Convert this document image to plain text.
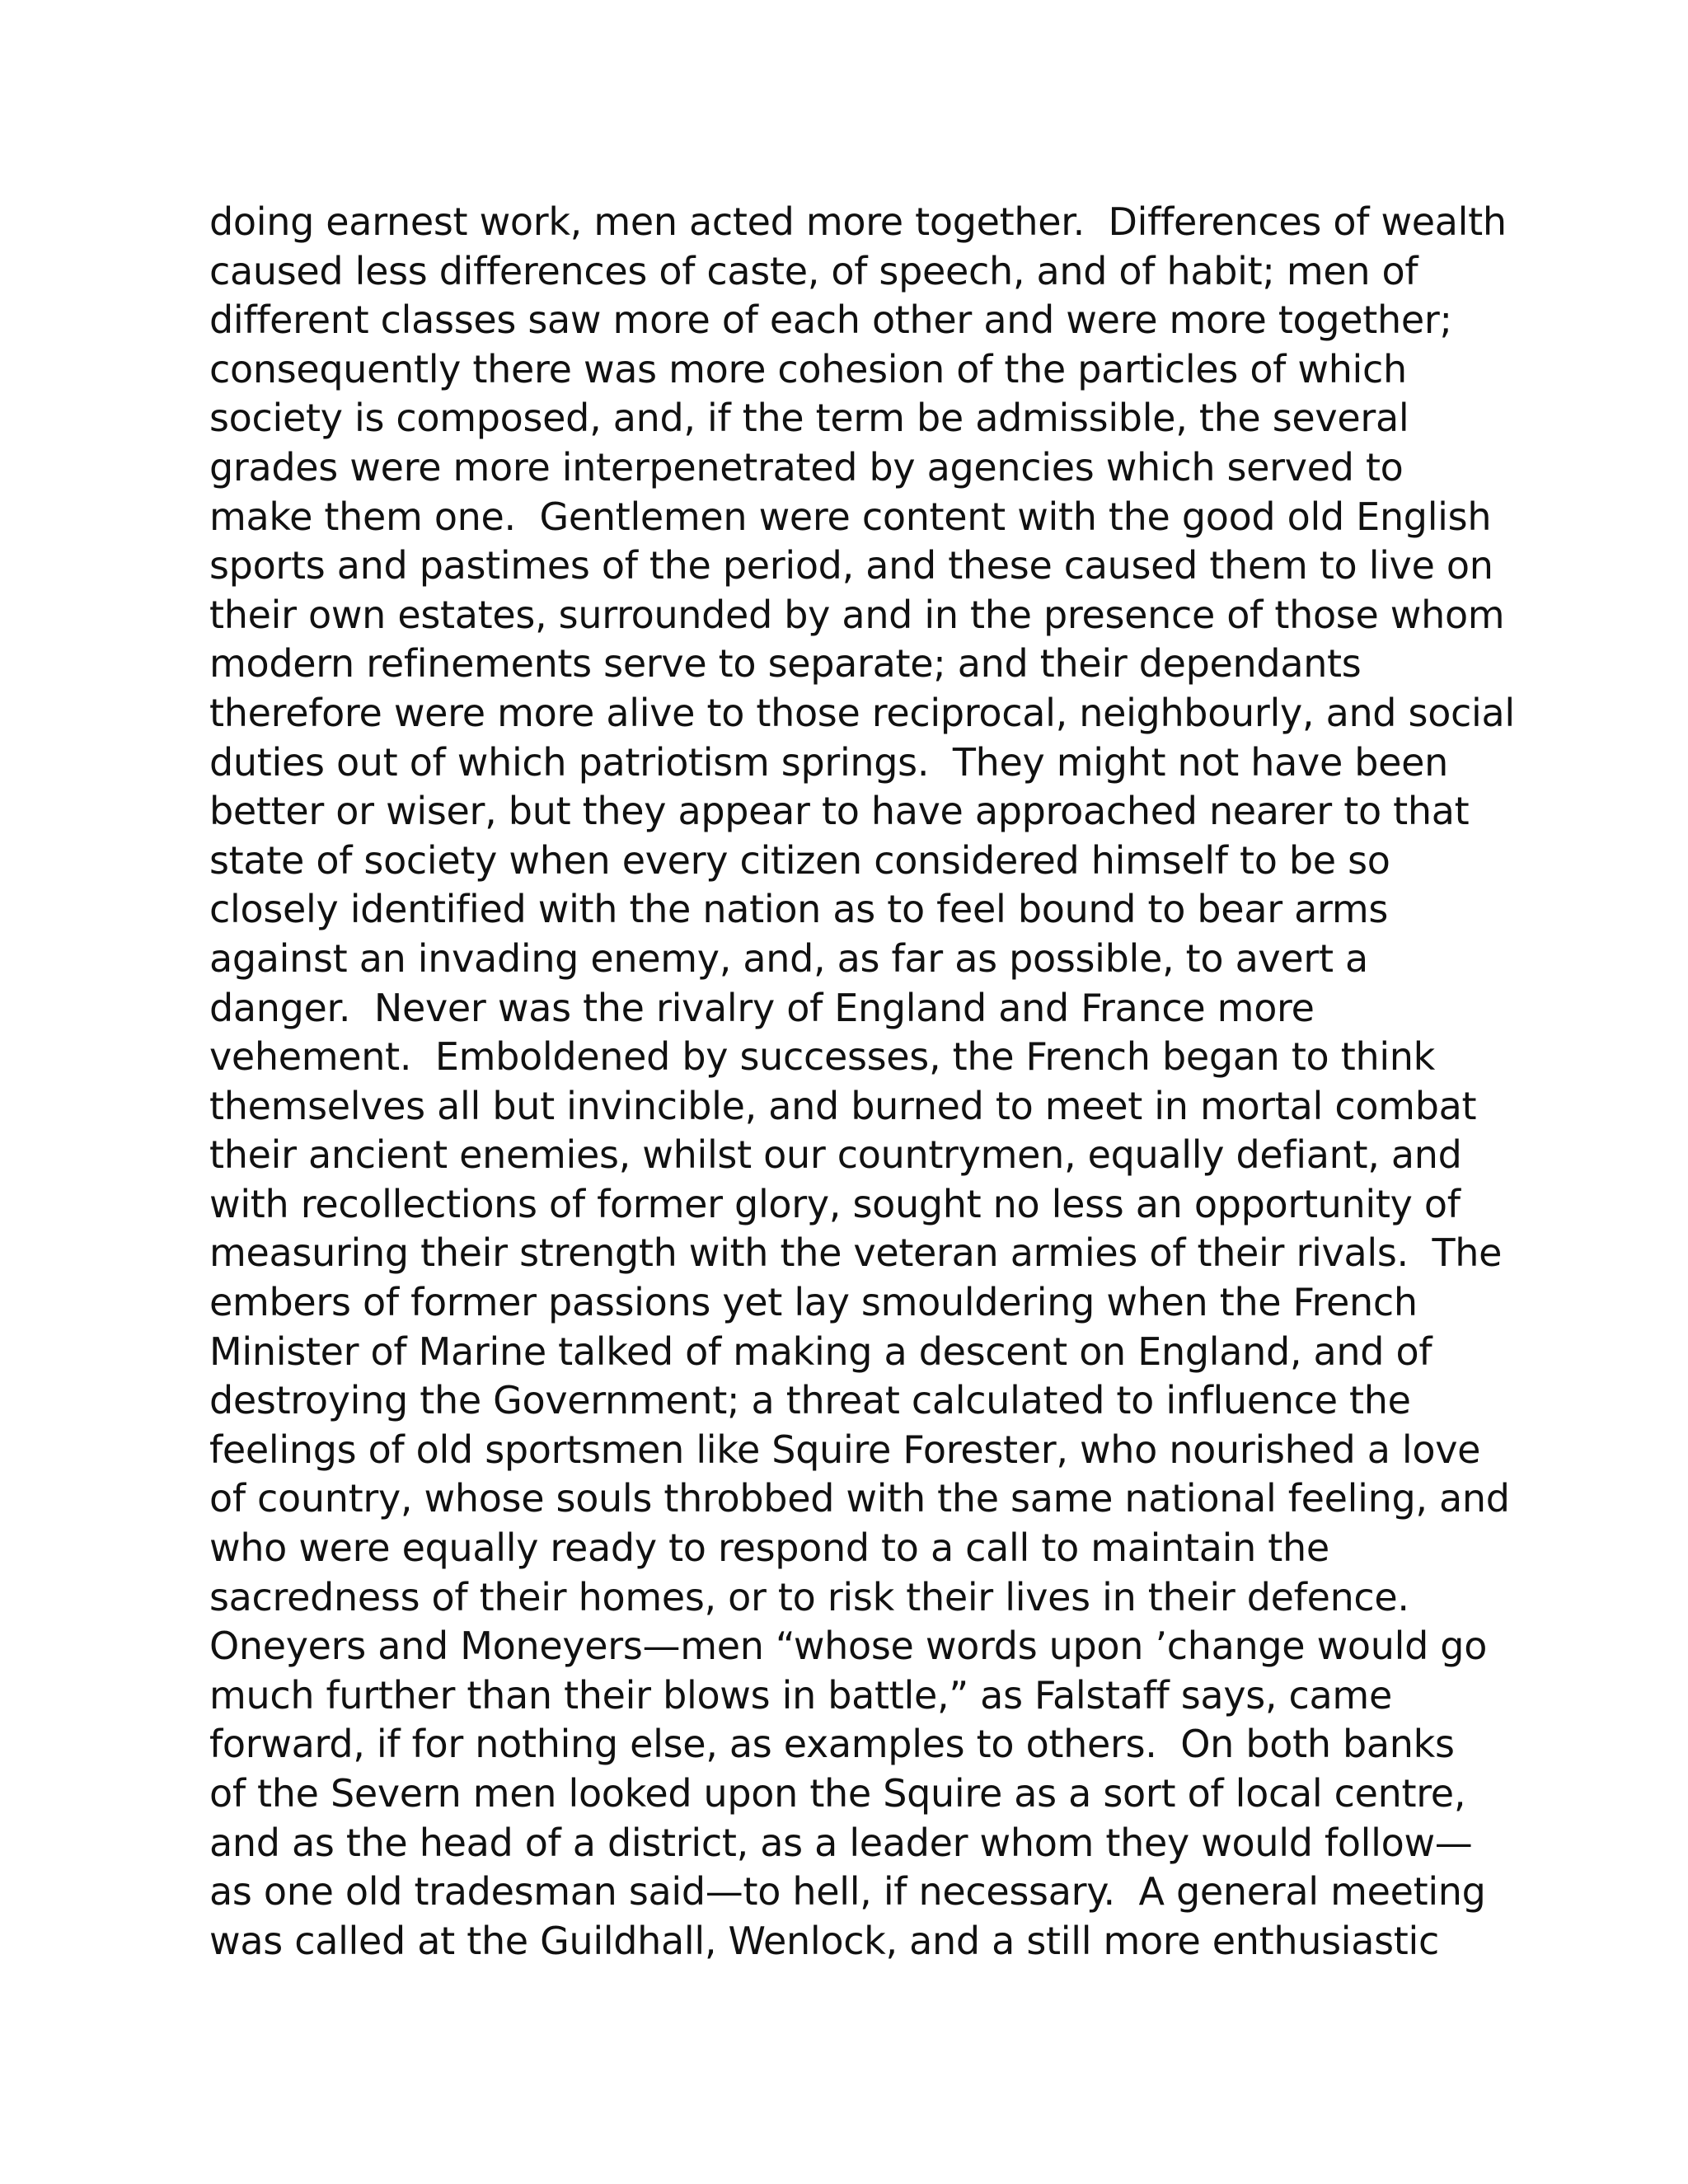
doing earnest work, men acted more together.  Differences of wealth
caused less differences of caste, of speech, and of habit; men of
different classes saw more of each other and were more together;
consequently there was more cohesion of the particles of which
society is composed, and, if the term be admissible, the several
grades were more interpenetrated by agencies which served to
make them one.  Gentlemen were content with the good old English
sports and pastimes of the period, and these caused them to live on
their own estates, surrounded by and in the presence of those whom
modern refinements serve to separate; and their dependants
therefore were more alive to those reciprocal, neighbourly, and social
duties out of which patriotism springs.  They might not have been
better or wiser, but they appear to have approached nearer to that
state of society when every citizen considered himself to be so
closely identified with the nation as to feel bound to bear arms
against an invading enemy, and, as far as possible, to avert a
danger.  Never was the rivalry of England and France more
vehement.  Emboldened by successes, the French began to think
themselves all but invincible, and burned to meet in mortal combat
their ancient enemies, whilst our countrymen, equally defiant, and
with recollections of former glory, sought no less an opportunity of
measuring their strength with the veteran armies of their rivals.  The
embers of former passions yet lay smouldering when the French
Minister of Marine talked of making a descent on England, and of
destroying the Government; a threat calculated to influence the
feelings of old sportsmen like Squire Forester, who nourished a love
of country, whose souls throbbed with the same national feeling, and
who were equally ready to respond to a call to maintain the
sacredness of their homes, or to risk their lives in their defence.
Oneyers and Moneyers—men “whose words upon ’change would go
much further than their blows in battle,” as Falstaff says, came
forward, if for nothing else, as examples to others.  On both banks
of the Severn men looked upon the Squire as a sort of local centre,
and as the head of a district, as a leader whom they would follow—
as one old tradesman said—to hell, if necessary.  A general meeting
was called at the Guildhall, Wenlock, and a still more enthusiastic
